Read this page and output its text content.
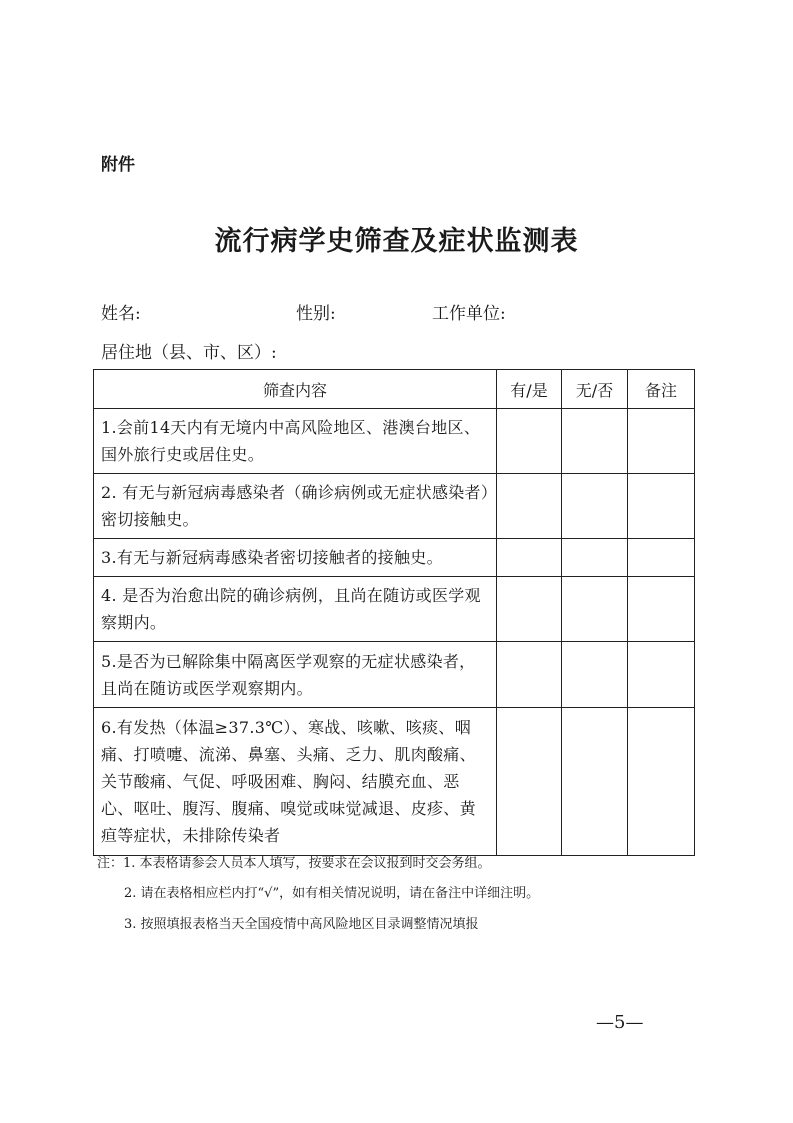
附件
流行病学史筛查及症状监测表
姓名:	性别:	工作单位:
居住地（县、市、区）:
筛查内容	有/是	无/否	备注
1.会前14天内有无境内中高风险地区、港澳台地区、国外旅行史或居住史。			
2. 有无与新冠病毒感染者（确诊病例或无症状感染者）密切接触史。			
3.有无与新冠病毒感染者密切接触者的接触史。			
4. 是否为治愈出院的确诊病例，且尚在随访或医学观察期内。			
5.是否为已解除集中隔离医学观察的无症状感染者，且尚在随访或医学观察期内。			
6.有发热（体温≥37.3℃）、寒战、咳嗽、咳痰、咽痛、打喷嚏、流涕、鼻塞、头痛、乏力、肌肉酸痛、关节酸痛、气促、呼吸困难、胸闷、结膜充血、恶心、呕吐、腹泻、腹痛、嗅觉或味觉减退、皮疹、黄疸等症状，未排除传染者			
注：1. 本表格请参会人员本人填写，按要求在会议报到时交会务组。
2. 请在表格相应栏内打“√”，如有相关情况说明，请在备注中详细注明。
3. 按照填报表格当天全国疫情中高风险地区目录调整情况填报
—5—
